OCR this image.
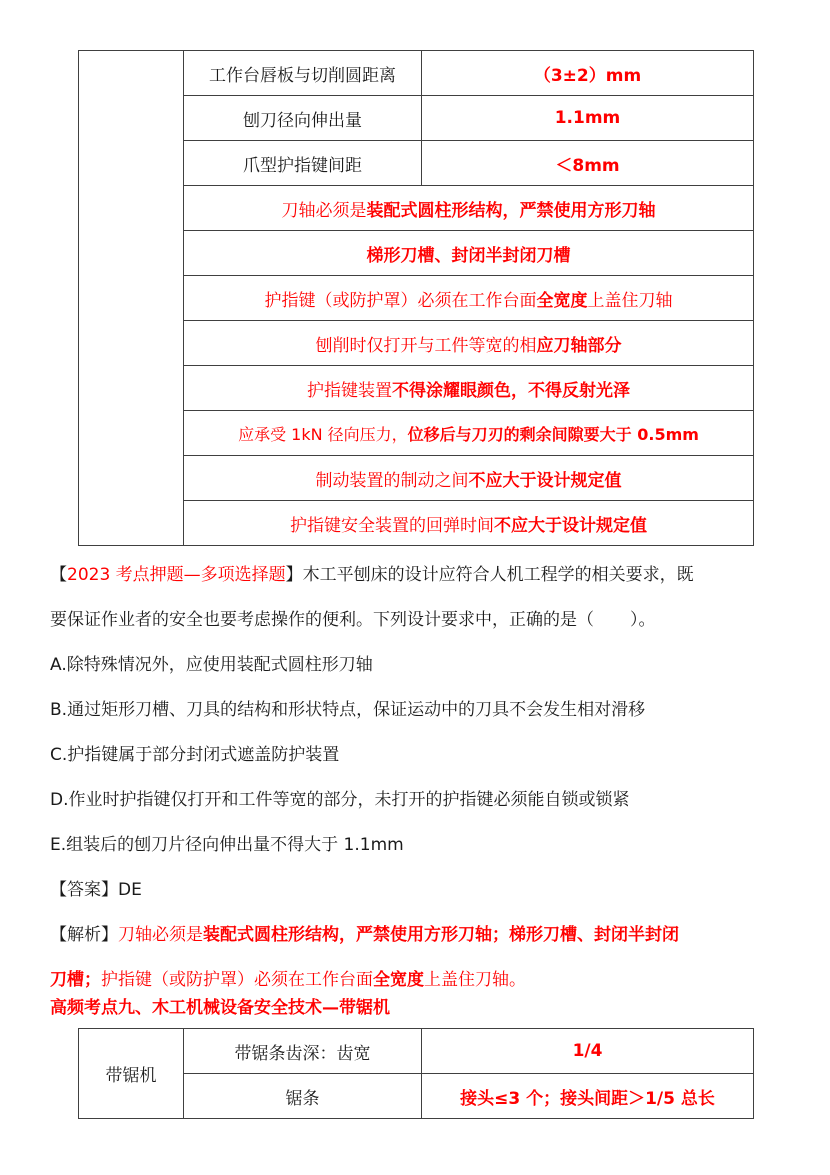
	工作台唇板与切削圆距离	（3±2）mm
	刨刀径向伸出量	1.1mm
	爪型护指键间距	＜8mm
	刀轴必须是装配式圆柱形结构，严禁使用方形刀轴	
	梯形刀槽、封闭半封闭刀槽	
	护指键（或防护罩）必须在工作台面全宽度上盖住刀轴	
	刨削时仅打开与工件等宽的相应刀轴部分	
	护指键装置不得涂耀眼颜色，不得反射光泽	
	应承受 1kN 径向压力，位移后与刀刃的剩余间隙要大于 0.5mm	
	制动装置的制动之间不应大于设计规定值	
	护指键安全装置的回弹时间不应大于设计规定值	

【2023 考点押题—多项选择题】木工平刨床的设计应符合人机工程学的相关要求，既

要保证作业者的安全也要考虑操作的便利。下列设计要求中，正确的是（ ）。

A.除特殊情况外，应使用装配式圆柱形刀轴

B.通过矩形刀槽、刀具的结构和形状特点，保证运动中的刀具不会发生相对滑移

C.护指键属于部分封闭式遮盖防护装置

D.作业时护指键仅打开和工件等宽的部分，未打开的护指键必须能自锁或锁紧

E.组装后的刨刀片径向伸出量不得大于 1.1mm

【答案】DE

【解析】刀轴必须是装配式圆柱形结构，严禁使用方形刀轴；梯形刀槽、封闭半封闭

刀槽；护指键（或防护罩）必须在工作台面全宽度上盖住刀轴。

高频考点九、木工机械设备安全技术—带锯机

带锯机	带锯条齿深：齿宽	1/4
	锯条	接头≤3 个；接头间距＞1/5 总长
